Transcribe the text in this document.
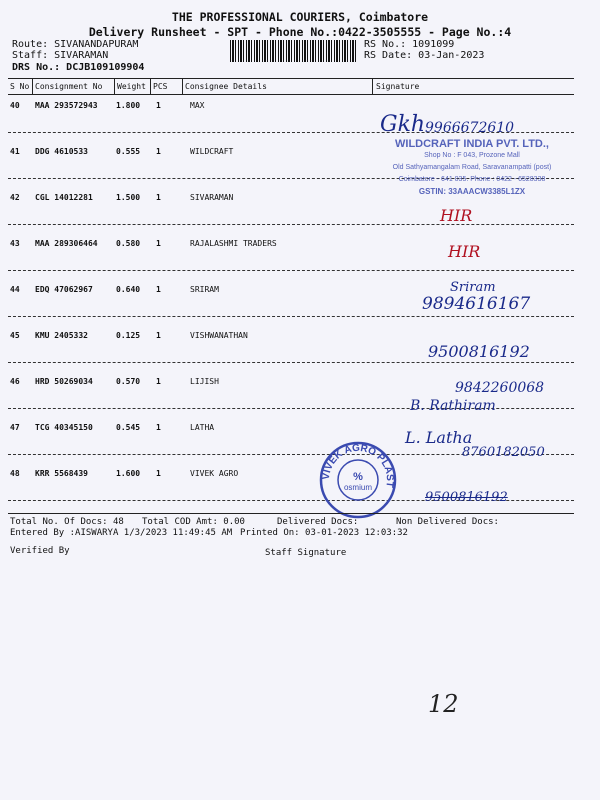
THE PROFESSIONAL COURIERS, Coimbatore
Delivery Runsheet - SPT - Phone No.:0422-3505555 - Page No.:4
Route: SIVANANDAPURAM
Staff: SIVARAMAN
DRS No.: DCJB109109904
RS No.: 1091099
RS Date: 03-Jan-2023
S No Consignment No Weight PCS Consignee Details	Signature
40 MAA 293572943 1.800 1	MAX
41 DDG 4610533	0.555 1	WILDCRAFT
42 CGL 14012281	1.500 1	SIVARAMAN
43 MAA 289306464 0.580 1	RAJALASHMI TRADERS
44 EDQ 47062967	0.640 1	SRIRAM
45 KMU 2405332	0.125 1	VISHWANATHAN
46 HRD 50269034	0.570 1	LIJISH
47 TCG 40345150	0.545 1	LATHA
48 KRR 5568439	1.600 1	VIVEK AGRO
WILDCRAFT INDIA PVT. LTD.,
Shop No : F 043, Prozone Mall
Old Sathyamangalam Road, Saravanampatti (post)
Coimbatore - 641 035. Phone : 0422 - 6528338
GSTIN: 33AAACW3385L1ZX
VIVEK AGRO PLAST
osmium
%
Gkh 9966672610
HIR
HIR
Sriram
9894616167
9500816192
9842260068
B. Rathiram
L. Latha
8760182050
9500816192
12
Total No. Of Docs: 48 Total COD Amt: 0.00	Delivered Docs:	Non Delivered Docs:
Entered By :AISWARYA 1/3/2023 11:49:45 AM Printed On: 03-01-2023 12:03:32
Verified By	Staff Signature
